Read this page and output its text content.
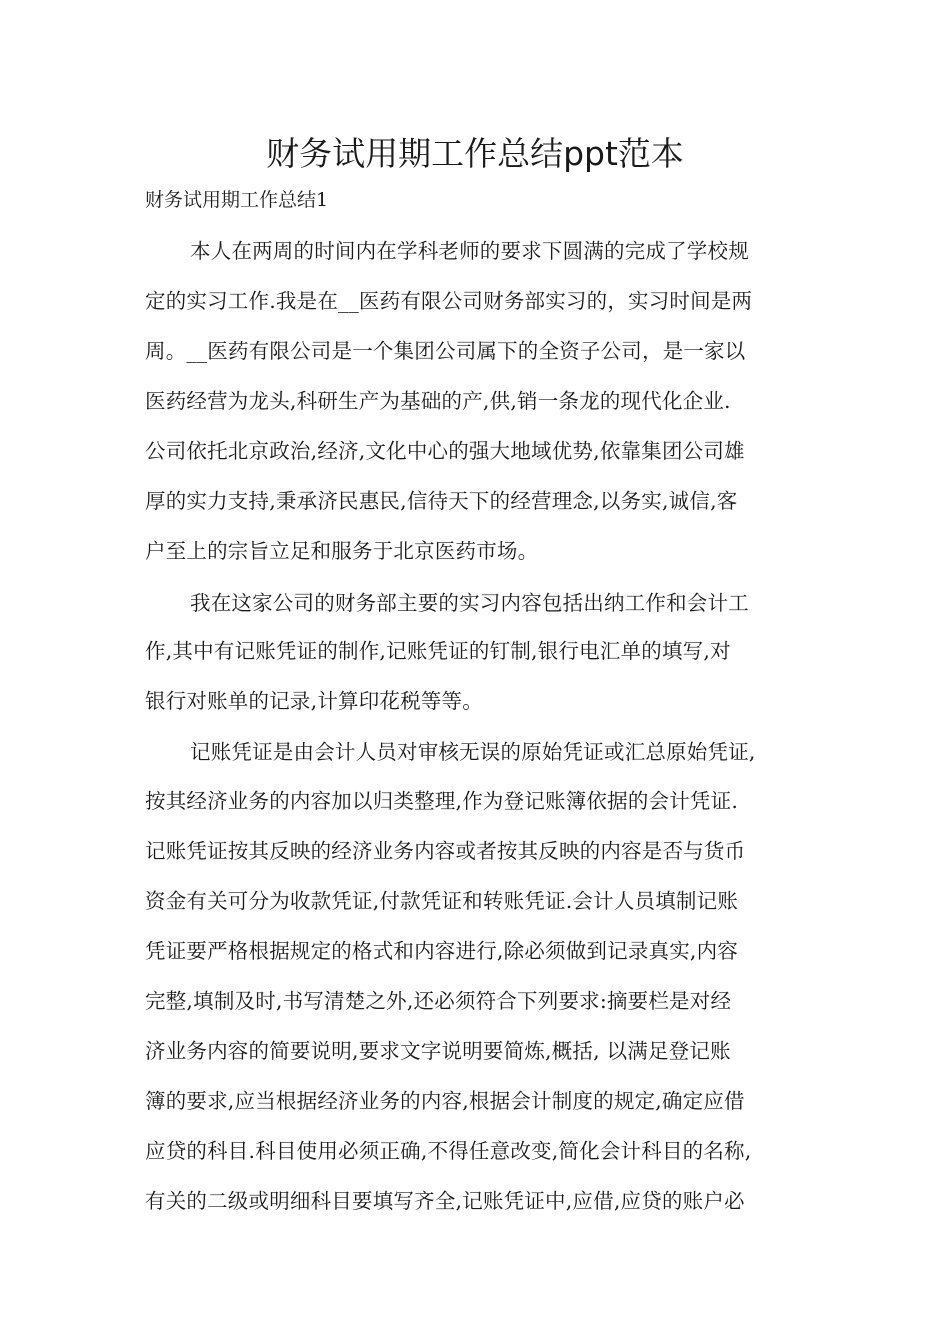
财务试用期工作总结ppt范本
财务试用期工作总结1
本人在两周的时间内在学科老师的要求下圆满的完成了学校规
定的实习工作.我是在__医药有限公司财务部实习的，实习时间是两
周。__医药有限公司是一个集团公司属下的全资子公司，是一家以
医药经营为龙头,科研生产为基础的产,供,销一条龙的现代化企业.
公司依托北京政治,经济,文化中心的强大地域优势,依靠集团公司雄
厚的实力支持,秉承济民惠民,信待天下的经营理念,以务实,诚信,客
户至上的宗旨立足和服务于北京医药市场。
我在这家公司的财务部主要的实习内容包括出纳工作和会计工
作,其中有记账凭证的制作,记账凭证的钉制,银行电汇单的填写,对
银行对账单的记录,计算印花税等等。
记账凭证是由会计人员对审核无误的原始凭证或汇总原始凭证,
按其经济业务的内容加以归类整理,作为登记账簿依据的会计凭证.
记账凭证按其反映的经济业务内容或者按其反映的内容是否与货币
资金有关可分为收款凭证,付款凭证和转账凭证.会计人员填制记账
凭证要严格根据规定的格式和内容进行,除必须做到记录真实,内容
完整,填制及时,书写清楚之外,还必须符合下列要求:摘要栏是对经
济业务内容的简要说明,要求文字说明要简炼,概括, 以满足登记账
簿的要求,应当根据经济业务的内容,根据会计制度的规定,确定应借
应贷的科目.科目使用必须正确,不得任意改变,简化会计科目的名称,
有关的二级或明细科目要填写齐全,记账凭证中,应借,应贷的账户必
